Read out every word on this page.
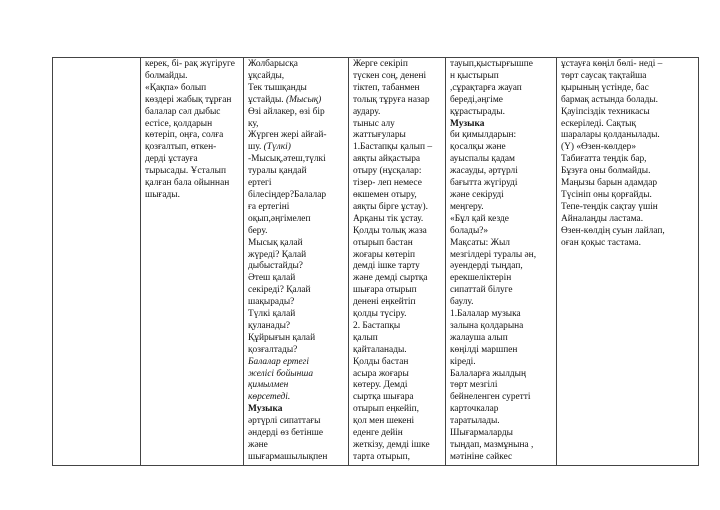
керек, бі- рақ жүгіруге
болмайды.
«Қақпа» болып
көздері жабық тұрған
балалар сәл дыбыс
естісе, қолдарын
көтеріп, оңға, солға
қозғалтып, өткен-
дерді ұстауға
тырысады. Ұсталып
қалған бала ойыннан
шығады.

Жолбарысқа
ұқсайды,
Тек тышқанды
ұстайды. (Мысық)
Өзі айлакер, өзі бір
ку,
Жүрген жері айғай-
шу. (Түлкі)
-Мысық,әтеш,түлкі
туралы қандай
ертегі
білесіңдер?Балалар
ға ертегіні
оқып,әңгімелеп
беру.
Мысық қалай
жүреді? Қалай
дыбыстайды?
Әтеш қалай
секіреді? Қалай
шақырады?
Түлкі қалай
қуланады?
Құйрығын қалай
қозғалтады?
Балалар ертегі
желісі бойынша
қимылмен
көрсетеді.
Музыка
әртүрлі сипаттағы
әндерді өз бетінше
және
шығармашылықпен

Жерге секіріп
түскен соң, денені
тіктеп, табанмен
толық тұруға назар
аудару.
тыныс алу
жаттығулары
1.Бастапқы қалып –
аяқты айқастыра
отыру (нұсқалар:
тізер- леп немесе
өкшемен отыру,
аяқты бірге ұстау).
Арқаны тік ұстау.
Қолды толық жаза
отырып бастан
жоғары көтеріп
демді ішке тарту
және демді сыртқа
шығара отырып
денені еңкейтіп
қолды түсіру.
2. Бастапқы
қалып
қайталанады.
Қолды бастан
асыра жоғары
көтеру. Демді
сыртқа шығара
отырып еңкейіп,
қол мен шекені
еденге дейін
жеткізу, демді ішке
тарта отырып,

тауып,қыстырғышпе
н қыстырып
,сұрақтарға жауап
береді,әңгіме
құрастырады.
Музыка
би қимылдарын:
қосалқы және
ауыспалы қадам
жасауды, әртүрлі
бағытта жүгіруді
және секіруді
меңгеру.
«Бұл қай кезде
болады?»
Мақсаты: Жыл
мезгілдері туралы ән,
әуендерді тыңдап,
ерекшеліктерін
сипаттай білуге
баулу.
1.Балалар музыка
залына қолдарына
жалауша алып
көңілді маршпен
кіреді.
Балаларға жылдың
төрт мезгілі
бейнеленген суретті
карточкалар
таратылады.
Шығармаларды
тыңдап, мазмұнына ,
мәтініне сәйкес

ұстауға көңіл бөлі- неді –
төрт саусақ тақтайша
қырының үстінде, бас
бармақ астында болады.
Қауіпсіздік техникасы
ескеріледі. Сақтық
шаралары қолданылады.
(Ү) «Өзен-көлдер»
Табиғатта теңдік бар,
Бұзуға оны болмайды.
Маңызы барын адамдар
Түсініп оны қорғайды.
Тепе-теңдік сақтау үшін
Айналаңды ластама.
Өзен-көлдің суын лайлап,
оған қоқыс тастама.
